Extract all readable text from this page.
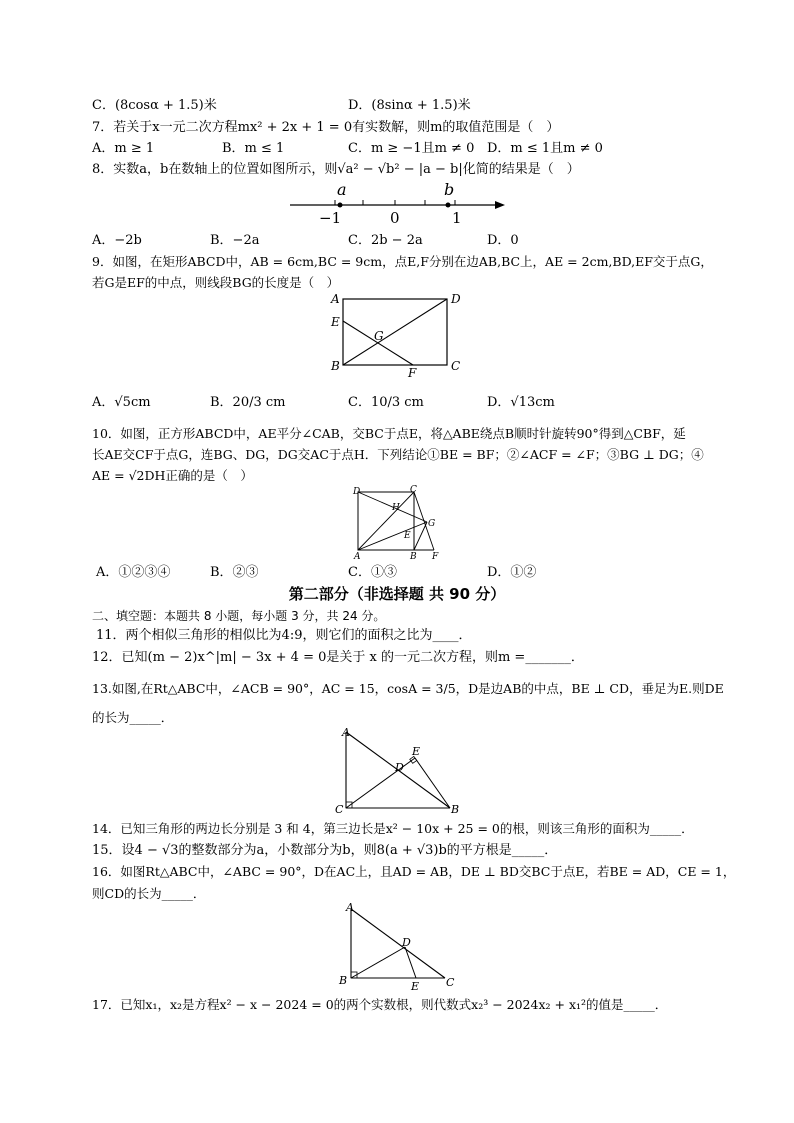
C．(8cosα + 1.5)米	D．(8sinα + 1.5)米
7．若关于x一元二次方程mx² + 2x + 1 = 0有实数解，则m的取值范围是（　）
A．m ≥ 1	B．m ≤ 1	C．m ≥ −1且m ≠ 0 D．m ≤ 1且m ≠ 0
8．实数a，b在数轴上的位置如图所示，则√a² − √b² − |a − b|化简的结果是（　）
a	b
−1	0	1
A．−2b	B．−2a	C．2b − 2a	D．0
9．如图，在矩形ABCD中，AB = 6cm,BC = 9cm，点E,F分别在边AB,BC上，AE = 2cm,BD,EF交于点G，
若G是EF的中点，则线段BG的长度是（　）
A	D
E
G
B	C
F
A．√5cm	B．20/3 cm	C．10/3 cm	D．√13cm
10．如图，正方形ABCD中，AE平分∠CAB，交BC于点E，将△ABE绕点B顺时针旋转90°得到△CBF，延
长AE交CF于点G，连BG、DG，DG交AC于点H．下列结论①BE = BF；②∠ACF = ∠F；③BG ⊥ DG；④
AE = √2DH正确的是（　）
D	C
H
G
E
A	B F
A．①②③④	B．②③	C．①③	D．①②
第二部分（非选择题 共 90 分）
二、填空题：本题共 8 小题，每小题 3 分，共 24 分。
11．两个相似三角形的相似比为4:9，则它们的面积之比为____．
12．已知(m − 2)x^|m| − 3x + 4 = 0是关于 x 的一元二次方程，则m =_______．
13.如图,在Rt△ABC中，∠ACB = 90°，AC = 15，cosA = 3/5，D是边AB的中点，BE ⊥ CD，垂足为E.则DE
的长为_____．
A
E
D
C	B
14．已知三角形的两边长分别是 3 和 4，第三边长是x² − 10x + 25 = 0的根，则该三角形的面积为_____．
15．设4 − √3的整数部分为a，小数部分为b，则8(a + √3)b的平方根是_____．
16．如图Rt△ABC中，∠ABC = 90°，D在AC上，且AD = AB，DE ⊥ BD交BC于点E，若BE = AD，CE = 1，
则CD的长为_____．
A
D
B	E C
17．已知x₁，x₂是方程x² − x − 2024 = 0的两个实数根，则代数式x₂³ − 2024x₂ + x₁²的值是_____．
